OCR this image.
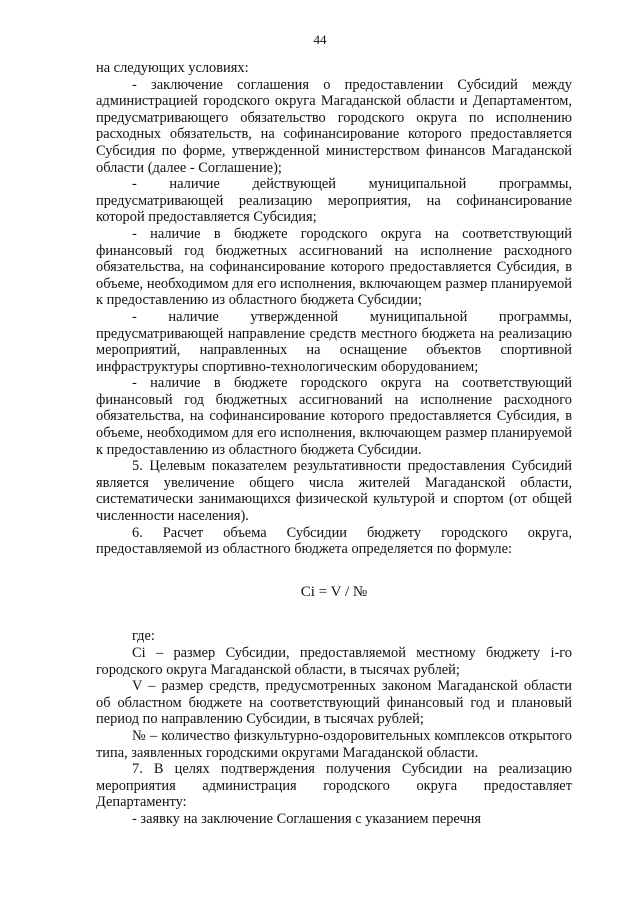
44

на следующих условиях:

- заключение соглашения о предоставлении Субсидий между администрацией городского округа Магаданской области и Департаментом, предусматривающего обязательство городского округа по исполнению расходных обязательств, на софинансирование которого предоставляется Субсидия по форме, утвержденной министерством финансов Магаданской области (далее - Соглашение);

- наличие действующей муниципальной программы, предусматривающей реализацию мероприятия, на софинансирование которой предоставляется Субсидия;

- наличие в бюджете городского округа на соответствующий финансовый год бюджетных ассигнований на исполнение расходного обязательства, на софинансирование которого предоставляется Субсидия, в объеме, необходимом для его исполнения, включающем размер планируемой к предоставлению из областного бюджета Субсидии;

- наличие утвержденной муниципальной программы, предусматривающей направление средств местного бюджета на реализацию мероприятий, направленных на оснащение объектов спортивной инфраструктуры спортивно-технологическим оборудованием;

- наличие в бюджете городского округа на соответствующий финансовый год бюджетных ассигнований на исполнение расходного обязательства, на софинансирование которого предоставляется Субсидия, в объеме, необходимом для его исполнения, включающем размер планируемой к предоставлению из областного бюджета Субсидии.

5. Целевым показателем результативности предоставления Субсидий является увеличение общего числа жителей Магаданской области, систематически занимающихся физической культурой и спортом (от общей численности населения).

6. Расчет объема Субсидии бюджету городского округа, предоставляемой из областного бюджета определяется по формуле:

Ci = V / №

где:

Ci – размер Субсидии, предоставляемой местному бюджету i-го городского округа Магаданской области, в тысячах рублей;

V – размер средств, предусмотренных законом Магаданской области об областном бюджете на соответствующий финансовый год и плановый период по направлению Субсидии, в тысячах рублей;

№ – количество физкультурно-оздоровительных комплексов открытого типа, заявленных городскими округами Магаданской области.

7. В целях подтверждения получения Субсидии на реализацию мероприятия администрация городского округа предоставляет Департаменту:

- заявку на заключение Соглашения с указанием перечня
